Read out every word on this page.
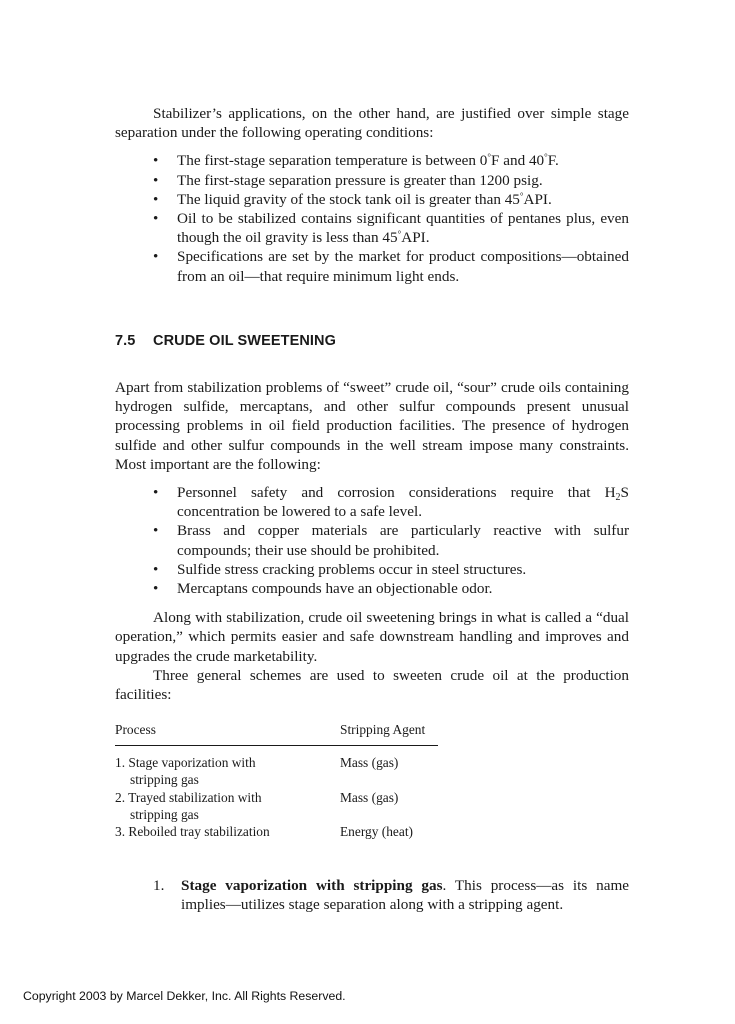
Stabilizer’s applications, on the other hand, are justified over simple stage separation under the following operating conditions:

• The first-stage separation temperature is between 0°F and 40°F.
• The first-stage separation pressure is greater than 1200 psig.
• The liquid gravity of the stock tank oil is greater than 45°API.
• Oil to be stabilized contains significant quantities of pentanes plus, even though the oil gravity is less than 45°API.
• Specifications are set by the market for product compositions—obtained from an oil—that require minimum light ends.
7.5 CRUDE OIL SWEETENING

Apart from stabilization problems of “sweet” crude oil, “sour” crude oils containing hydrogen sulfide, mercaptans, and other sulfur compounds present unusual processing problems in oil field production facilities. The presence of hydrogen sulfide and other sulfur compounds in the well stream impose many constraints. Most important are the following:

• Personnel safety and corrosion considerations require that $H_2S$ concentration be lowered to a safe level.
• Brass and copper materials are particularly reactive with sulfur compounds; their use should be prohibited.
• Sulfide stress cracking problems occur in steel structures.
• Mercaptans compounds have an objectionable odor.

Along with stabilization, crude oil sweetening brings in what is called a “dual operation,” which permits easier and safe downstream handling and improves and upgrades the crude marketability.

Three general schemes are used to sweeten crude oil at the production facilities:

Process	Stripping Agent
1. Stage vaporization with
stripping gas
Mass (gas)
2. Trayed stabilization with
stripping gas
Mass (gas)
3. Reboiled tray stabilization	Energy (heat)

1. Stage vaporization with stripping gas. This process—as its name implies—utilizes stage separation along with a stripping agent.

Copyright 2003 by Marcel Dekker, Inc. All Rights Reserved.
